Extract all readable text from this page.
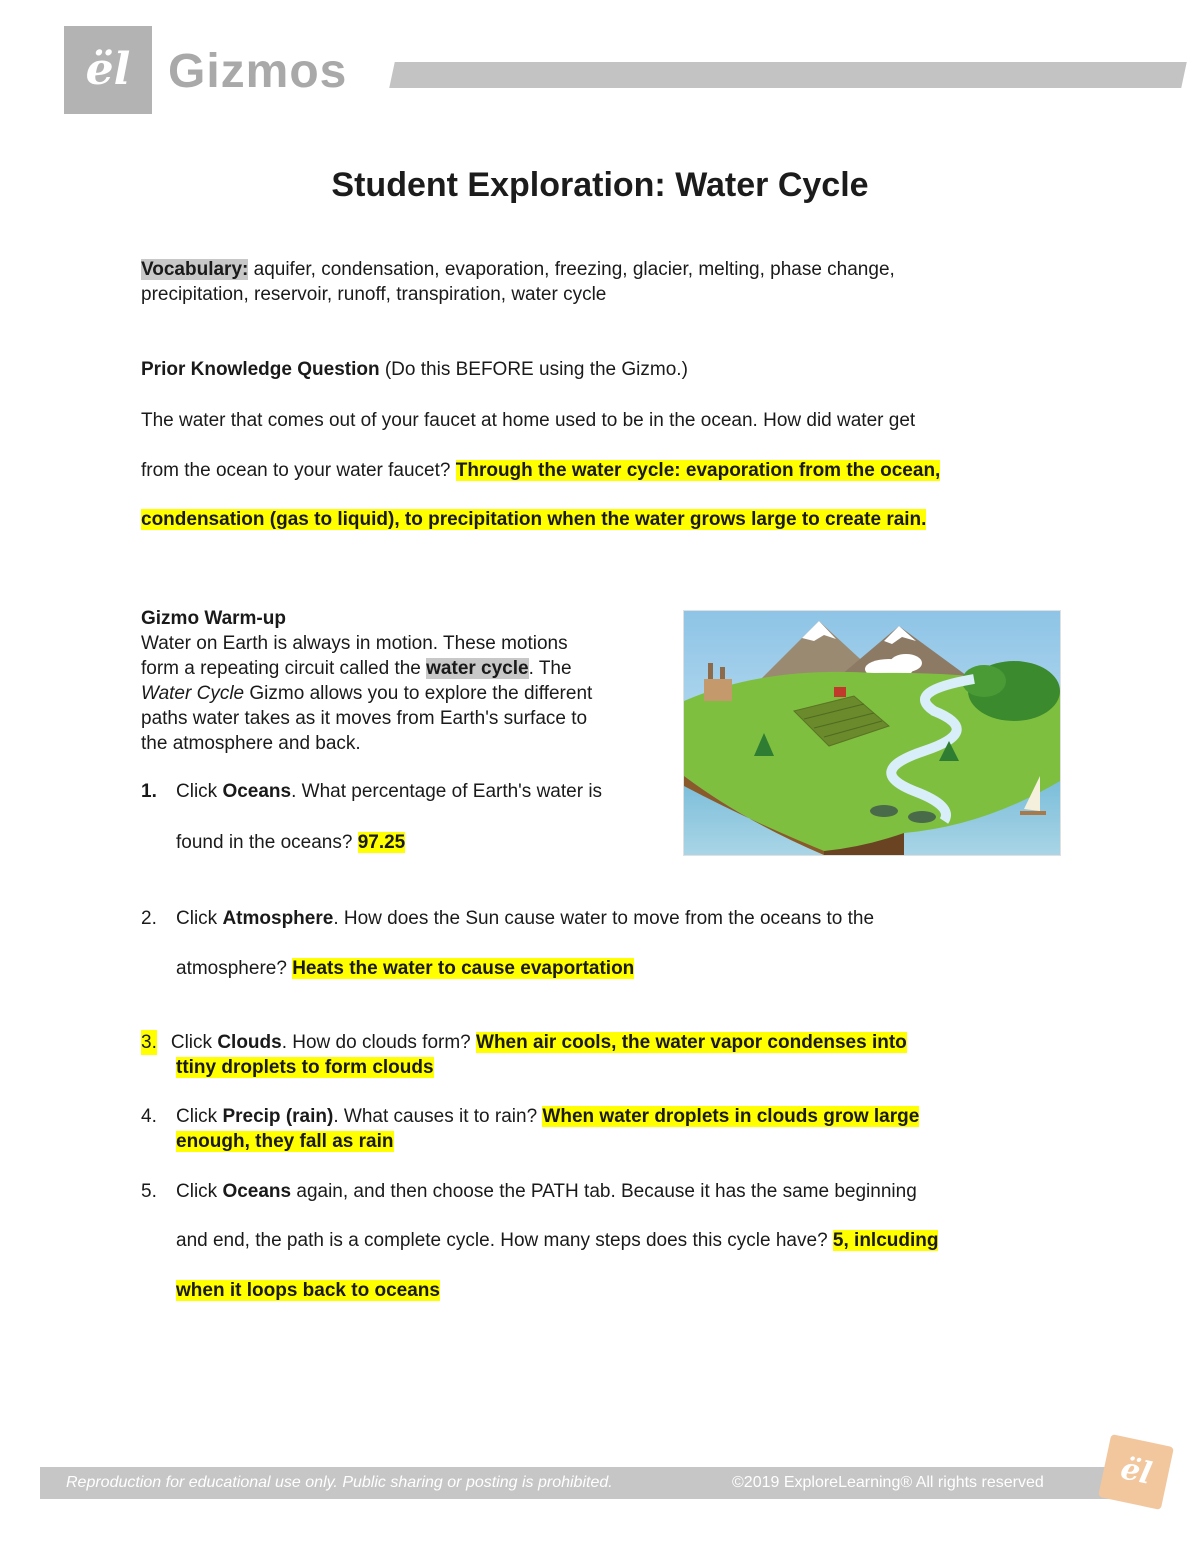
ël Gizmos
Student Exploration: Water Cycle
Vocabulary: aquifer, condensation, evaporation, freezing, glacier, melting, phase change,
precipitation, reservoir, runoff, transpiration, water cycle
Prior Knowledge Question (Do this BEFORE using the Gizmo.)
The water that comes out of your faucet at home used to be in the ocean. How did water get
from the ocean to your water faucet? Through the water cycle: evaporation from the ocean,
condensation (gas to liquid), to precipitation when the water grows large to create rain.
Gizmo Warm-up
Water on Earth is always in motion. These motions
form a repeating circuit called the water cycle. The
Water Cycle Gizmo allows you to explore the different
paths water takes as it moves from Earth's surface to
the atmosphere and back.
1. Click Oceans. What percentage of Earth's water is
found in the oceans? 97.25
2. Click Atmosphere. How does the Sun cause water to move from the oceans to the
atmosphere? Heats the water to cause evaportation
3. Click Clouds. How do clouds form? When air cools, the water vapor condenses into
ttiny droplets to form clouds
4. Click Precip (rain). What causes it to rain? When water droplets in clouds grow large
enough, they fall as rain
5. Click Oceans again, and then choose the PATH tab. Because it has the same beginning
and end, the path is a complete cycle. How many steps does this cycle have? 5, inlcuding
when it loops back to oceans
Reproduction for educational use only. Public sharing or posting is prohibited.	©2019 ExploreLearning® All rights reserved	ël
